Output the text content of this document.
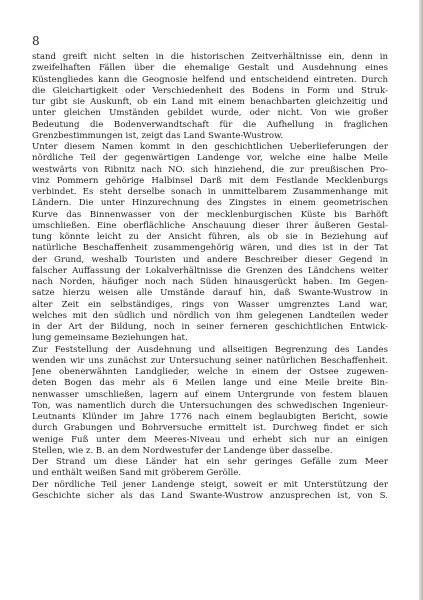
8
stand greift nicht selten in die historischen Zeitverhältnisse ein, denn in
zweifelhaften Fällen über die ehemalige Gestalt und Ausdehnung eines
Küstengliedes kann die Geognosie helfend und entscheidend eintreten. Durch
die Gleichartigkeit oder Verschiedenheit des Bodens in Form und Struk-
tur gibt sie Auskunft, ob ein Land mit einem benachbarten gleichzeitig und
unter gleichen Umständen gebildet wurde, oder nicht. Von wie großer
Bedeutung die Bodenverwandtschaft für die Aufhellung in fraglichen
Grenzbestimmungen ist, zeigt das Land Swante-Wustrow.
Unter diesem Namen kommt in den geschichtlichen Ueberlieferungen der
nördliche Teil der gegenwärtigen Landenge vor, welche eine halbe Meile
westwärts von Ribnitz nach NO. sich hinziehend, die zur preußischen Pro-
vinz Pommern gehörige Halbinsel Darß mit dem Festlande Mecklenburgs
verbindet. Es steht derselbe sonach in unmittelbarem Zusammenhange mit
Ländern. Die unter Hinzurechnung des Zingstes in einem geometrischen
Kurve das Binnenwasser von der mecklenburgischen Küste bis Barhöft
umschließen. Eine oberflächliche Anschauung dieser ihrer äußeren Gestal-
tung könnte leicht zu der Ansicht führen, als ob sie in Beziehung auf
natürliche Beschaffenheit zusammengehörig wären, und dies ist in der Tat
der Grund, weshalb Touristen und andere Beschreiber dieser Gegend in
falscher Auffassung der Lokalverhältnisse die Grenzen des Ländchens weiter
nach Norden, häufiger noch nach Süden hinausgerückt haben. Im Gegen-
satze hierzu weisen alle Umstände darauf hin, daß Swante-Wustrow in
alter Zeit ein selbständiges, rings von Wasser umgrenztes Land war,
welches mit den südlich und nördlich von ihm gelegenen Landteilen weder
in der Art der Bildung, noch in seiner ferneren geschichtlichen Entwick-
lung gemeinsame Beziehungen hat.
Zur Feststellung der Ausdehnung und allseitigen Begrenzung des Landes
wenden wir uns zunächst zur Untersuchung seiner natürlichen Beschaffenheit.
Jene obenerwähnten Landglieder, welche in einem der Ostsee zugewen-
deten Bogen das mehr als 6 Meilen lange und eine Meile breite Bin-
nenwasser umschließen, lagern auf einem Untergrunde von festem blauen
Ton, was namentlich durch die Untersuchungen des schwedischen Ingenieur-
Leutnants Klünder im Jahre 1776 nach einem beglaubigten Bericht, sowie
durch Grabungen und Bohrversuche ermittelt ist. Durchweg findet er sich
wenige Fuß unter dem Meeres-Niveau und erhebt sich nur an einigen
Stellen, wie z. B. an dem Nordwestufer der Landenge über dasselbe.
Der Strand um diese Länder hat ein sehr geringes Gefälle zum Meer
und enthält weißen Sand mit gröberem Gerölle.
Der nördliche Teil jener Landenge steigt, soweit er mit Unterstützung der
Geschichte sicher als das Land Swante-Wustrow anzusprechen ist, von S.
